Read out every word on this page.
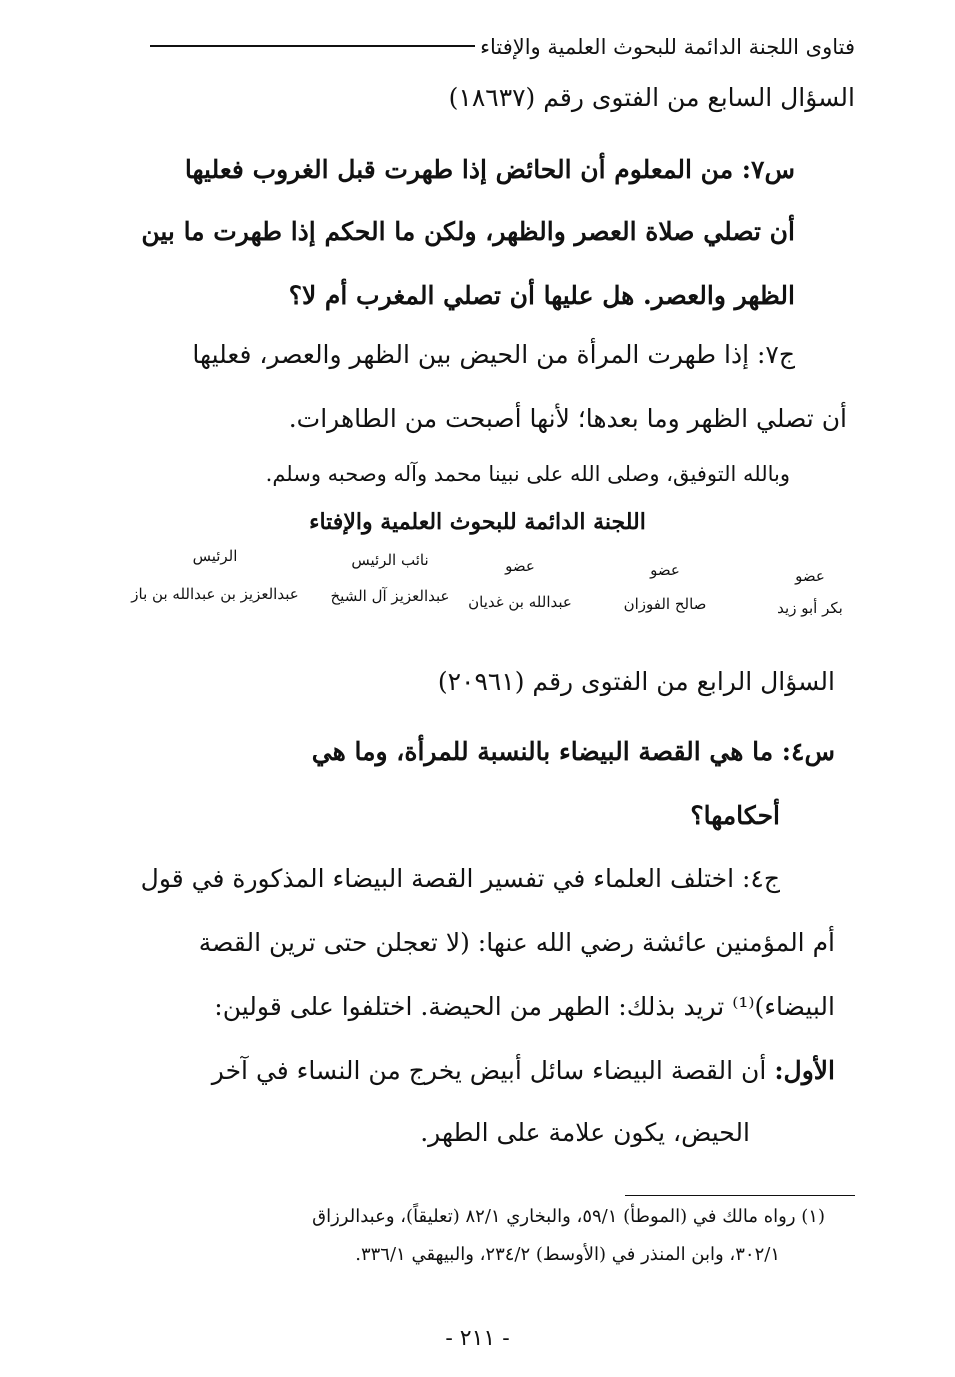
فتاوى اللجنة الدائمة للبحوث العلمية والإفتاء
السؤال السابع من الفتوى رقم (١٨٦٣٧)
س٧: من المعلوم أن الحائض إذا طهرت قبل الغروب فعليها
أن تصلي صلاة العصر والظهر، ولكن ما الحكم إذا طهرت ما بين
الظهر والعصر. هل عليها أن تصلي المغرب أم لا؟
ج٧: إذا طهرت المرأة من الحيض بين الظهر والعصر، فعليها
أن تصلي الظهر وما بعدها؛ لأنها أصبحت من الطاهرات.
وبالله التوفيق، وصلى الله على نبينا محمد وآله وصحبه وسلم.
اللجنة الدائمة للبحوث العلمية والإفتاء
عضو
بكر أبو زيد
عضو
صالح الفوزان
عضو
عبدالله بن غديان
نائب الرئيس
عبدالعزيز آل الشيخ
الرئيس
عبدالعزيز بن عبدالله بن باز
السؤال الرابع من الفتوى رقم (٢٠٩٦١)
س٤: ما هي القصة البيضاء بالنسبة للمرأة، وما هي
أحكامها؟
ج٤: اختلف العلماء في تفسير القصة البيضاء المذكورة في قول
أم المؤمنين عائشة رضي الله عنها: (لا تعجلن حتى ترين القصة
البيضاء)⁽¹⁾ تريد بذلك: الطهر من الحيضة. اختلفوا على قولين:
الأول: أن القصة البيضاء سائل أبيض يخرج من النساء في آخر
الحيض، يكون علامة على الطهر.
(١) رواه مالك في (الموطأ) ٥٩/١، والبخاري ٨٢/١ (تعليقاً)، وعبدالرزاق
٣٠٢/١، وابن المنذر في (الأوسط) ٢٣٤/٢، والبيهقي ٣٣٦/١.
- ٢١١ -
